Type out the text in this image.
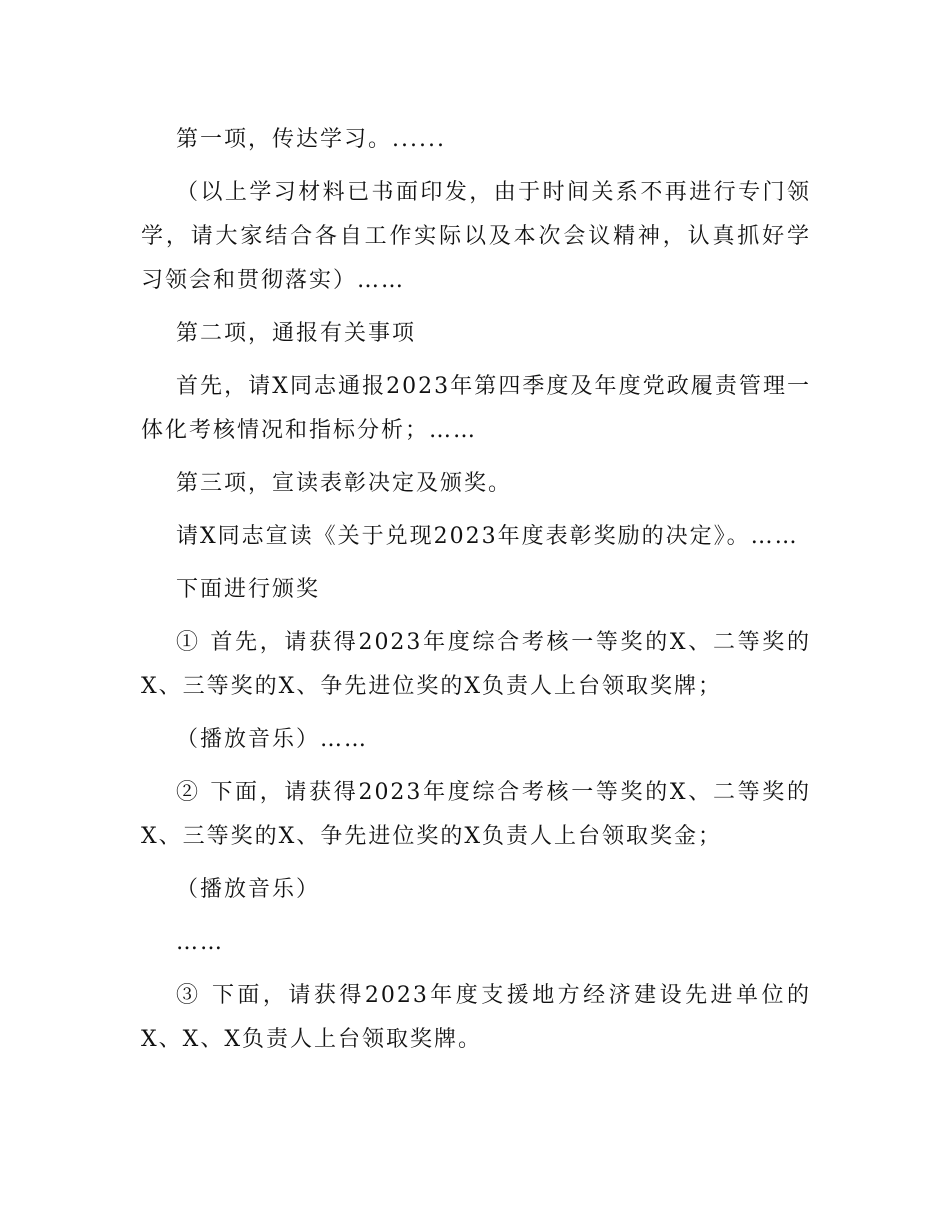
第一项，传达学习。......

（以上学习材料已书面印发，由于时间关系不再进行专门领学，请大家结合各自工作实际以及本次会议精神，认真抓好学习领会和贯彻落实）……

第二项，通报有关事项

首先，请X同志通报2023年第四季度及年度党政履责管理一体化考核情况和指标分析；……

第三项，宣读表彰决定及颁奖。

请X同志宣读《关于兑现2023年度表彰奖励的决定》。……

下面进行颁奖

① 首先，请获得2023年度综合考核一等奖的X、二等奖的X、三等奖的X、争先进位奖的X负责人上台领取奖牌；

（播放音乐）……

② 下面，请获得2023年度综合考核一等奖的X、二等奖的X、三等奖的X、争先进位奖的X负责人上台领取奖金；

（播放音乐）

……

③ 下面，请获得2023年度支援地方经济建设先进单位的X、X、X负责人上台领取奖牌。
